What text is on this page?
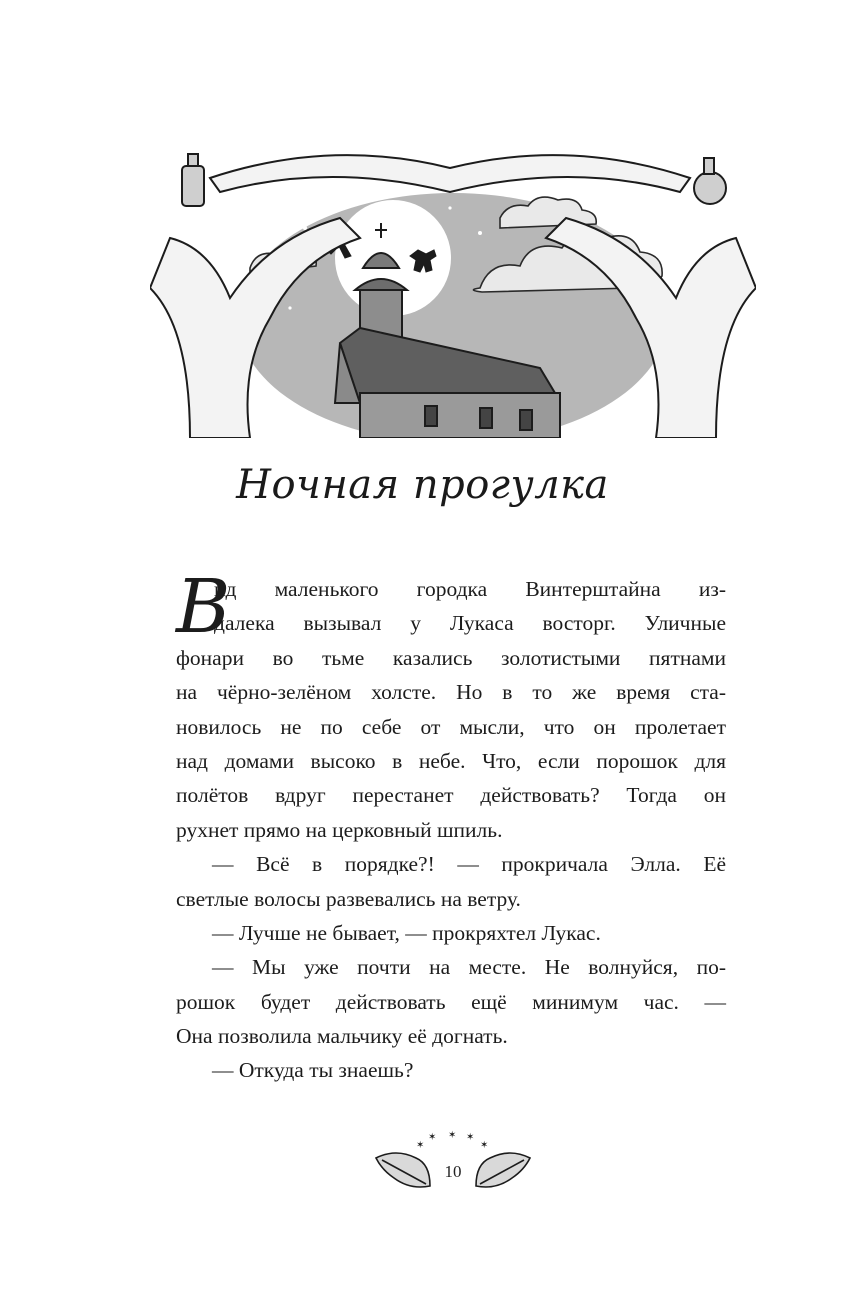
Ночная прогулка
В
ид маленького городка Винтерштайна из-
далека вызывал у Лукаса восторг. Уличные
фонари во тьме казались золотистыми пятнами
на чёрно-зелёном холсте. Но в то же время ста-
новилось не по себе от мысли, что он пролетает
над домами высоко в небе. Что, если порошок для
полётов вдруг перестанет действовать? Тогда он
рухнет прямо на церковный шпиль.
— Всё в порядке?! — прокричала Элла. Её
светлые волосы развевались на ветру.
— Лучше не бывает, — прокряхтел Лукас.
— Мы уже почти на месте. Не волнуйся, по-
рошок будет действовать ещё минимум час. —
Она позволила мальчику её догнать.
— Откуда ты знаешь?
✶
✶ ✶ ✶
✶
10
